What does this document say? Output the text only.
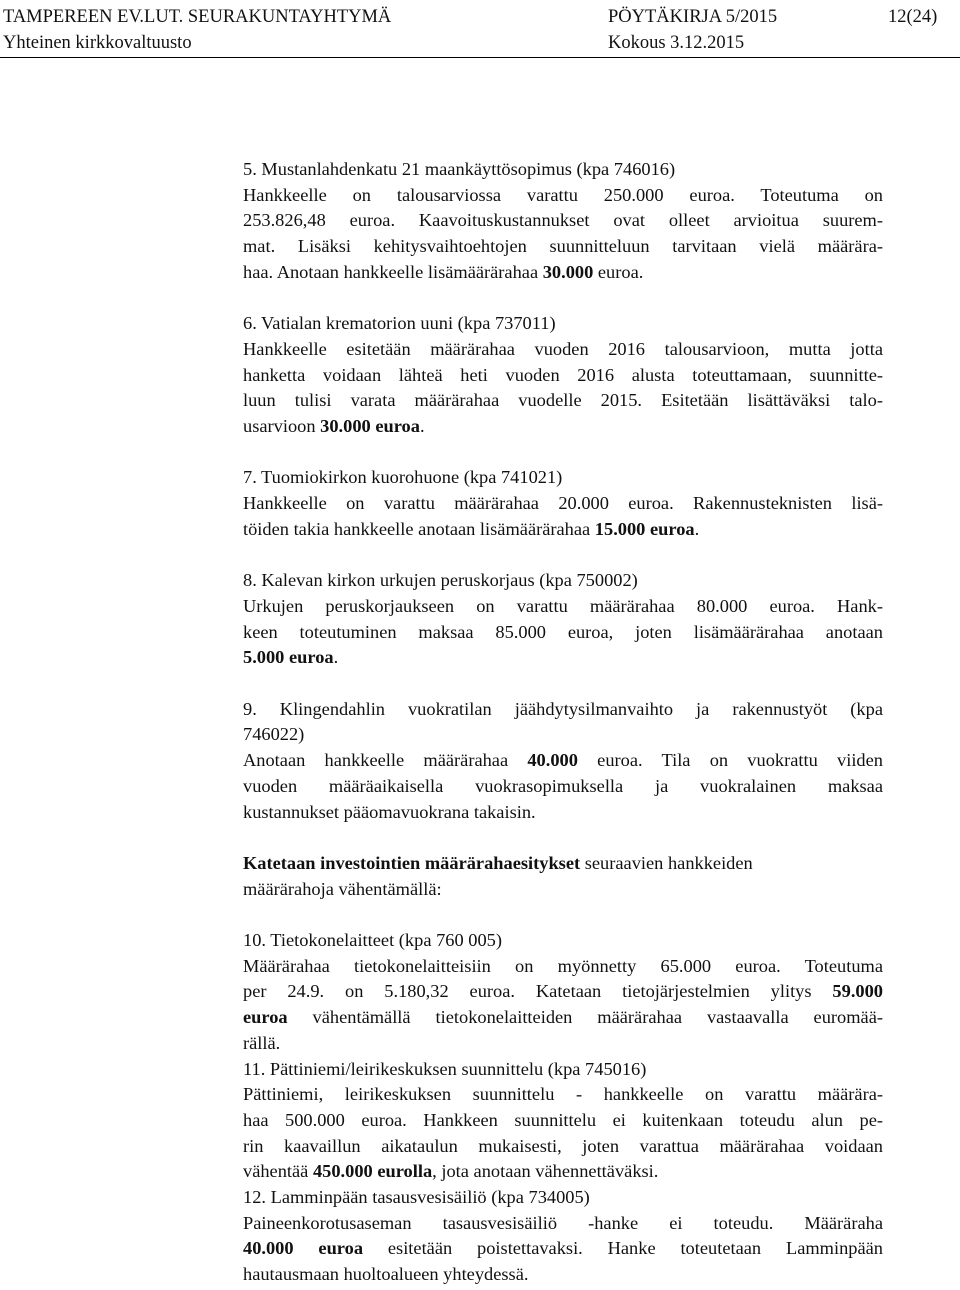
TAMPEREEN EV.LUT. SEURAKUNTAYHTYMÄ	PÖYTÄKIRJA 5/2015	12(24)
Yhteinen kirkkovaltuusto	Kokous 3.12.2015
5. Mustanlahdenkatu 21 maankäyttösopimus (kpa 746016)
Hankkeelle on talousarviossa varattu 250.000 euroa. Toteutuma on
253.826,48 euroa. Kaavoituskustannukset ovat olleet arvioitua suurem-
mat. Lisäksi kehitysvaihtoehtojen suunnitteluun tarvitaan vielä määrära-
haa. Anotaan hankkeelle lisämäärärahaa 30.000 euroa.
6. Vatialan krematorion uuni (kpa 737011)
Hankkeelle esitetään määrärahaa vuoden 2016 talousarvioon, mutta jotta
hanketta voidaan lähteä heti vuoden 2016 alusta toteuttamaan, suunnitte-
luun tulisi varata määrärahaa vuodelle 2015. Esitetään lisättäväksi talo-
usarvioon 30.000 euroa.
7. Tuomiokirkon kuorohuone (kpa 741021)
Hankkeelle on varattu määrärahaa 20.000 euroa. Rakennusteknisten lisä-
töiden takia hankkeelle anotaan lisämäärärahaa 15.000 euroa.
8. Kalevan kirkon urkujen peruskorjaus (kpa 750002)
Urkujen peruskorjaukseen on varattu määrärahaa 80.000 euroa. Hank-
keen toteutuminen maksaa 85.000 euroa, joten lisämäärärahaa anotaan
5.000 euroa.
9. Klingendahlin vuokratilan jäähdytysilmanvaihto ja rakennustyöt (kpa
746022)
Anotaan hankkeelle määrärahaa 40.000 euroa. Tila on vuokrattu viiden
vuoden määräaikaisella vuokrasopimuksella ja vuokralainen maksaa
kustannukset pääomavuokrana takaisin.
Katetaan investointien määrärahaesitykset seuraavien hankkeiden
määrärahoja vähentämällä:
10. Tietokonelaitteet (kpa 760 005)
Määrärahaa tietokonelaitteisiin on myönnetty 65.000 euroa. Toteutuma
per 24.9. on 5.180,32 euroa. Katetaan tietojärjestelmien ylitys 59.000
euroa vähentämällä tietokonelaitteiden määrärahaa vastaavalla euromää-
rällä.
11. Pättiniemi/leirikeskuksen suunnittelu (kpa 745016)
Pättiniemi, leirikeskuksen suunnittelu - hankkeelle on varattu määrära-
haa 500.000 euroa. Hankkeen suunnittelu ei kuitenkaan toteudu alun pe-
rin kaavaillun aikataulun mukaisesti, joten varattua määrärahaa voidaan
vähentää 450.000 eurolla, jota anotaan vähennettäväksi.
12. Lamminpään tasausvesisäiliö (kpa 734005)
Paineenkorotusaseman tasausvesisäiliö -hanke ei toteudu. Määräraha
40.000 euroa esitetään poistettavaksi. Hanke toteutetaan Lamminpään
hautausmaan huoltoalueen yhteydessä.
